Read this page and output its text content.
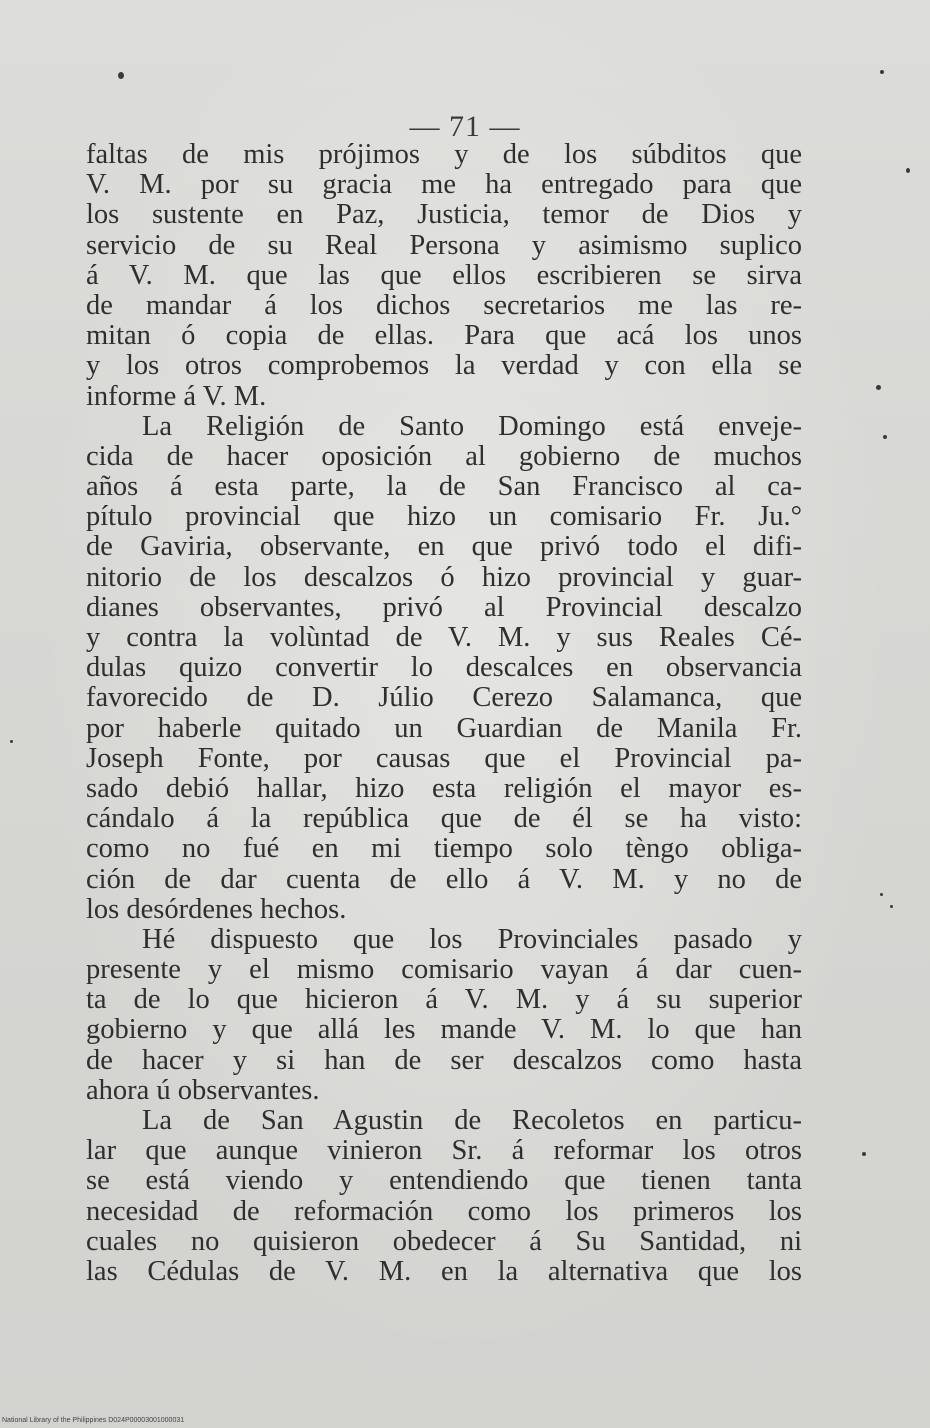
— 71 —
faltas de mis prójimos y de los súbditos que
V. M. por su gracia me ha entregado para que
los sustente en Paz, Justicia, temor de Dios y
servicio de su Real Persona y asimismo suplico
á V. M. que las que ellos escribieren se sirva
de mandar á los dichos secretarios me las re-
mitan ó copia de ellas. Para que acá los unos
y los otros comprobemos la verdad y con ella se
informe á V. M.
La Religión de Santo Domingo está enveje-
cida de hacer oposición al gobierno de muchos
años á esta parte, la de San Francisco al ca-
pítulo provincial que hizo un comisario Fr. Ju.°
de Gaviria, observante, en que privó todo el difi-
nitorio de los descalzos ó hizo provincial y guar-
dianes observantes, privó al Provincial descalzo
y contra la volùntad de V. M. y sus Reales Cé-
dulas quizo convertir lo descalces en observancia
favorecido de D. Júlio Cerezo Salamanca, que
por haberle quitado un Guardian de Manila Fr.
Joseph Fonte, por causas que el Provincial pa-
sado debió hallar, hizo esta religión el mayor es-
cándalo á la república que de él se ha visto:
como no fué en mi tiempo solo tèngo obliga-
ción de dar cuenta de ello á V. M. y no de
los desórdenes hechos.
Hé dispuesto que los Provinciales pasado y
presente y el mismo comisario vayan á dar cuen-
ta de lo que hicieron á V. M. y á su superior
gobierno y que allá les mande V. M. lo que han
de hacer y si han de ser descalzos como hasta
ahora ú observantes.
La de San Agustin de Recoletos en particu-
lar que aunque vinieron Sr. á reformar los otros
se está viendo y entendiendo que tienen tanta
necesidad de reformación como los primeros los
cuales no quisieron obedecer á Su Santidad, ni
las Cédulas de V. M. en la alternativa que los
National Library of the Philippines D024P00003001000031
